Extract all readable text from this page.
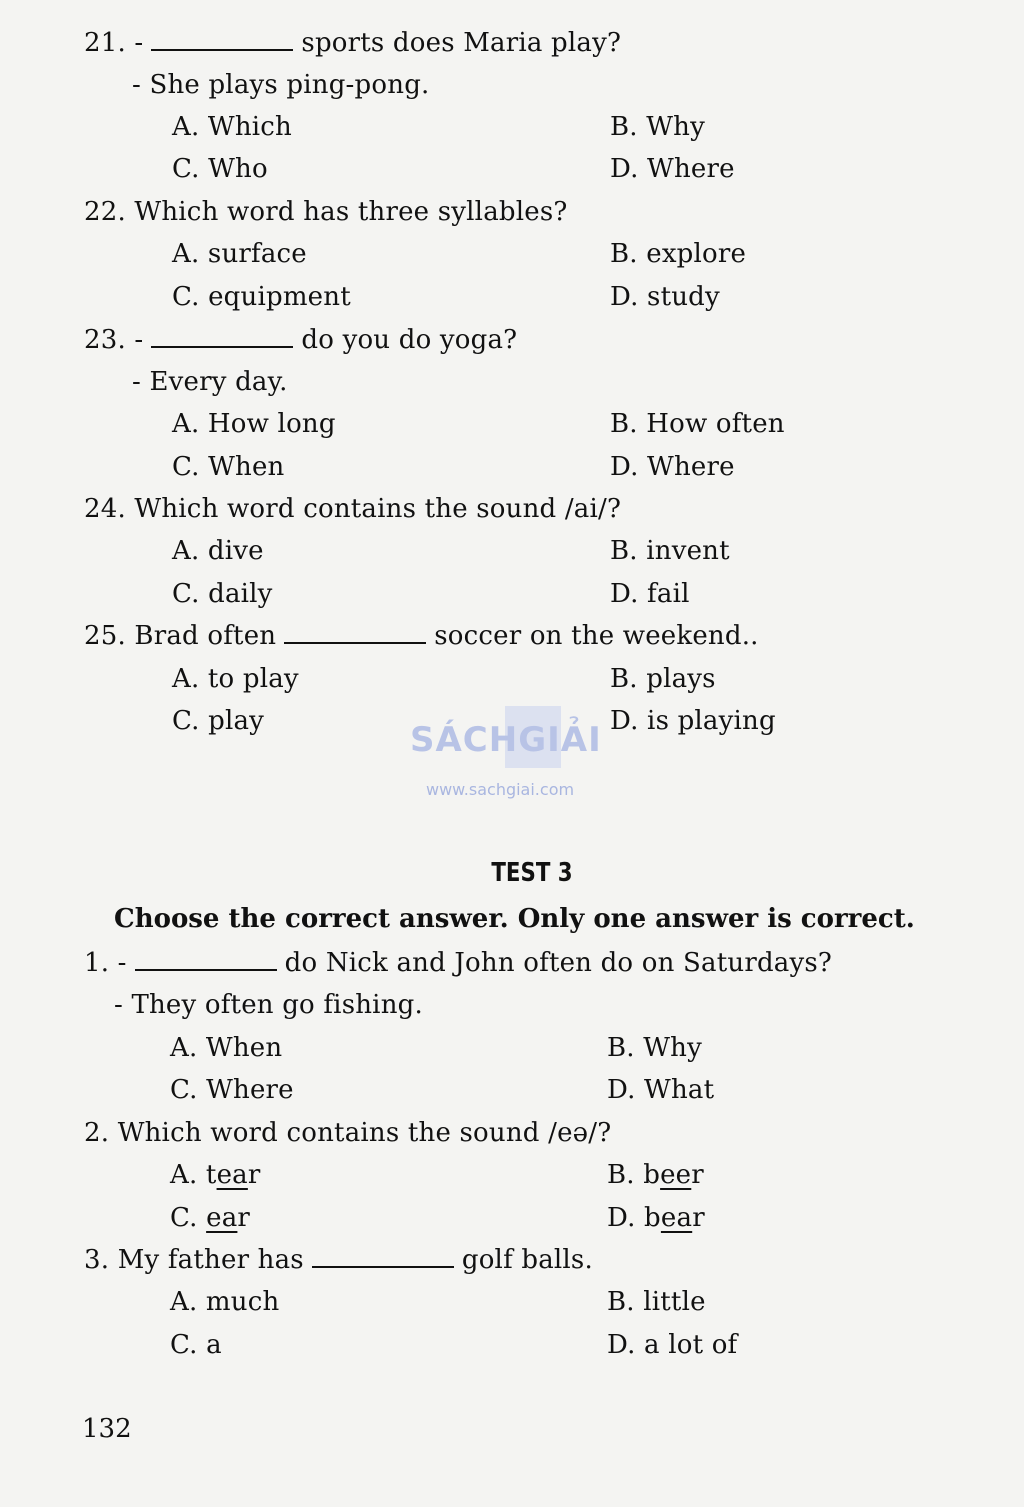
21. -	sports does Maria play?
- She plays ping-pong.
A. Which	B. Why
C. Who	D. Where
22. Which word has three syllables?
A. surface	B. explore
C. equipment	D. study
23. -	do you do yoga?
- Every day.
A. How long	B. How often
C. When	D. Where
24. Which word contains the sound /ai/?
A. dive	B. invent
C. daily	D. fail
25. Brad often	soccer on the weekend..
A. to play	B. plays
C. play	D. is playing
SÁCHGIẢI
www.sachgiai.com
TEST 3
Choose the correct answer. Only one answer is correct.
1. -	do Nick and John often do on Saturdays?
- They often go fishing.
A. When	B. Why
C. Where	D. What
2. Which word contains the sound /eə/?
A. tear	B. beer
C. ear	D. bear
3. My father has	golf balls.
A. much	B. little
C. a	D. a lot of
132
